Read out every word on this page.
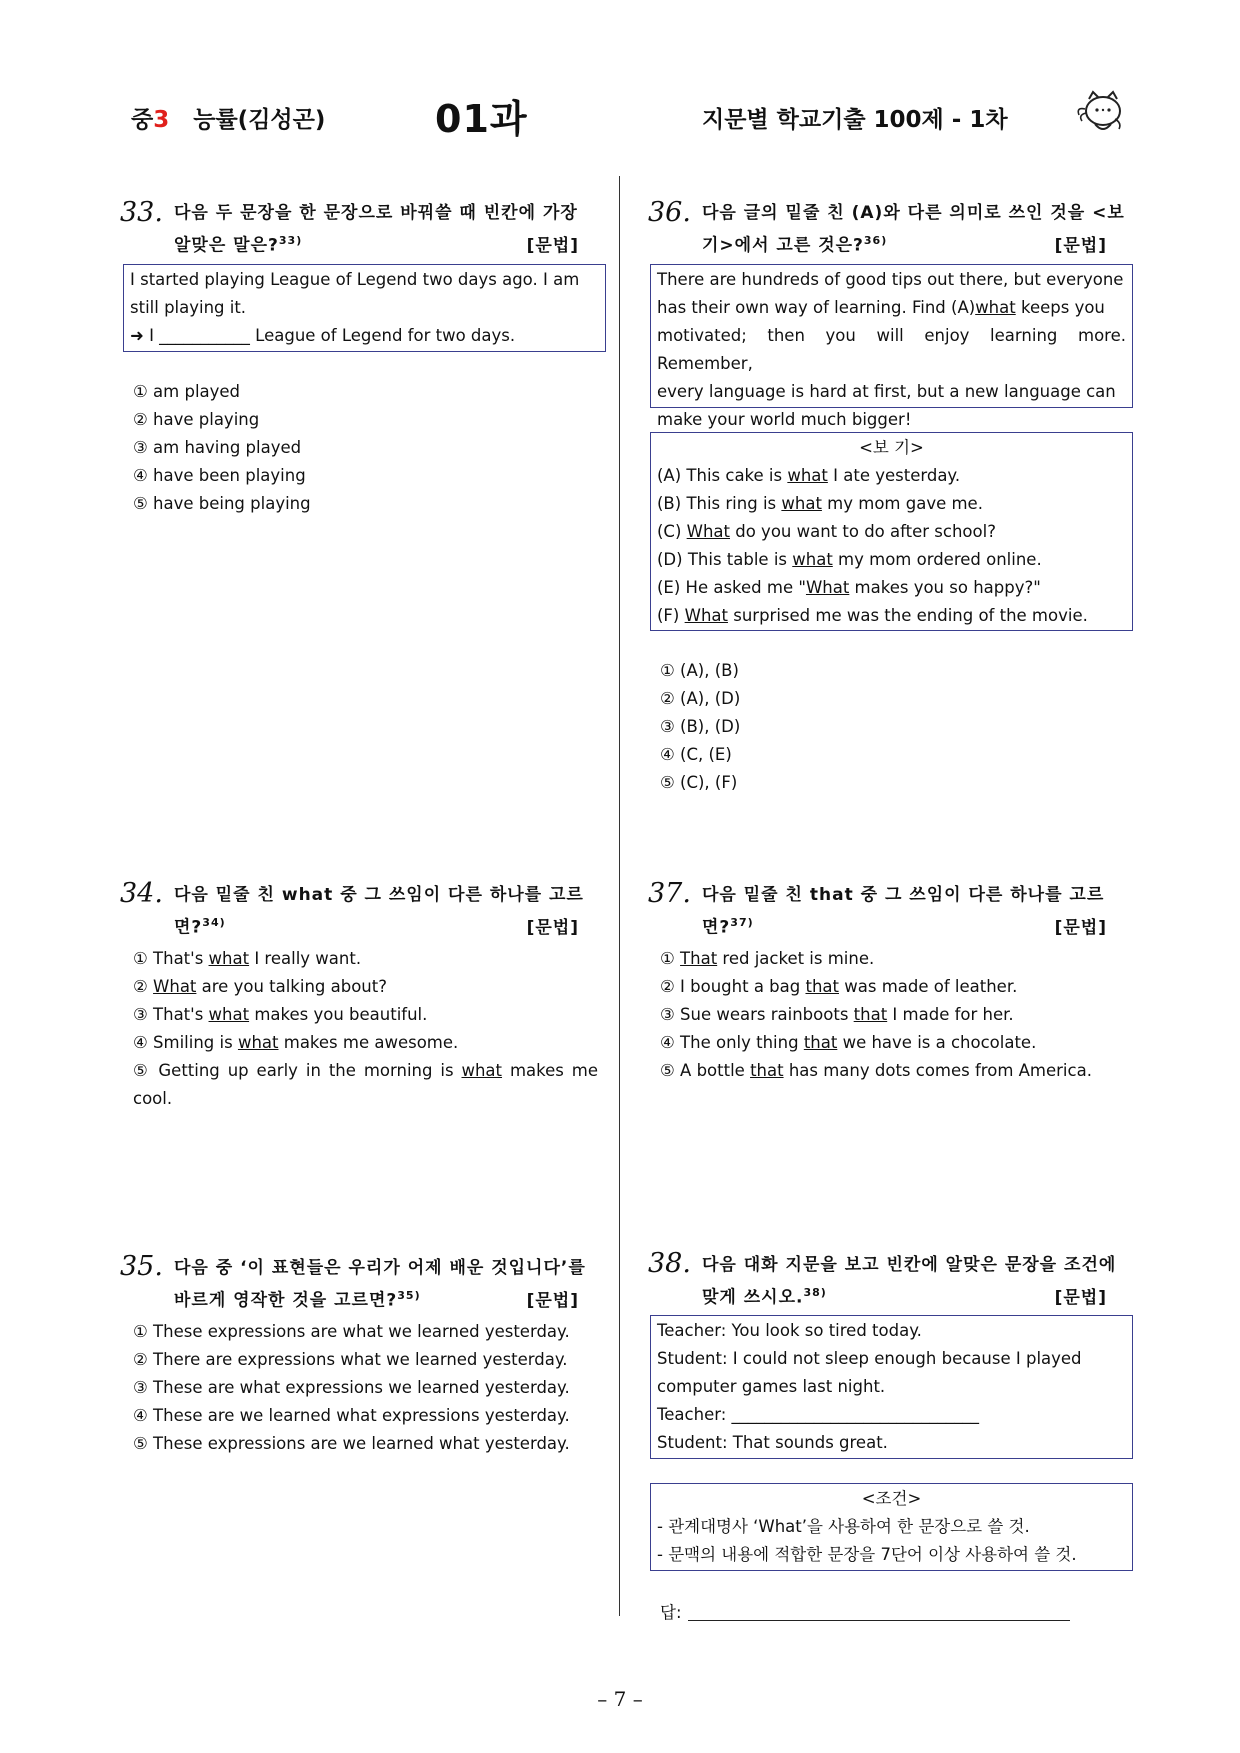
중3 능률(김성곤)	01과	지문별 학교기출 100제 - 1차
33. 다음 두 문장을 한 문장으로 바꿔쓸 때 빈칸에 가장
알맞은 말은?$^{33)}$	[문법]
I started playing League of Legend two days ago. I am
still playing it.
➜ I ___________ League of Legend for two days.
① am played
② have playing
③ am having played
④ have been playing
⑤ have being playing
34. 다음 밑줄 친 what 중 그 쓰임이 다른 하나를 고르
면?$^{34)}$	[문법]
① That's what I really want.
② What are you talking about?
③ That's what makes you beautiful.
④ Smiling is what makes me awesome.
⑤ Getting up early in the morning is what makes me cool.
35. 다음 중 ‘이 표현들은 우리가 어제 배운 것입니다’를
바르게 영작한 것을 고르면?$^{35)}$	[문법]
① These expressions are what we learned yesterday.
② There are expressions what we learned yesterday.
③ These are what expressions we learned yesterday.
④ These are we learned what expressions yesterday.
⑤ These expressions are we learned what yesterday.
36. 다음 글의 밑줄 친 (A)와 다른 의미로 쓰인 것을 <보
기>에서 고른 것은?$^{36)}$	[문법]
There are hundreds of good tips out there, but everyone
has their own way of learning. Find (A)what keeps you
motivated; then you will enjoy learning more. Remember,
every language is hard at first, but a new language can
make your world much bigger!
<보 기>
(A) This cake is what I ate yesterday.
(B) This ring is what my mom gave me.
(C) What do you want to do after school?
(D) This table is what my mom ordered online.
(E) He asked me "What makes you so happy?"
(F) What surprised me was the ending of the movie.
① (A), (B)
② (A), (D)
③ (B), (D)
④ (C, (E)
⑤ (C), (F)
37. 다음 밑줄 친 that 중 그 쓰임이 다른 하나를 고르
면?$^{37)}$	[문법]
① That red jacket is mine.
② I bought a bag that was made of leather.
③ Sue wears rainboots that I made for her.
④ The only thing that we have is a chocolate.
⑤ A bottle that has many dots comes from America.
38. 다음 대화 지문을 보고 빈칸에 알맞은 문장을 조건에
맞게 쓰시오.$^{38)}$	[문법]
Teacher: You look so tired today.
Student: I could not sleep enough because I played
computer games last night.
Teacher: ______________________________
Student: That sounds great.
<조건>
- 관계대명사 ‘What’을 사용하여 한 문장으로 쓸 것.
- 문맥의 내용에 적합한 문장을 7단어 이상 사용하여 쓸 것.
답:
– 7 –
